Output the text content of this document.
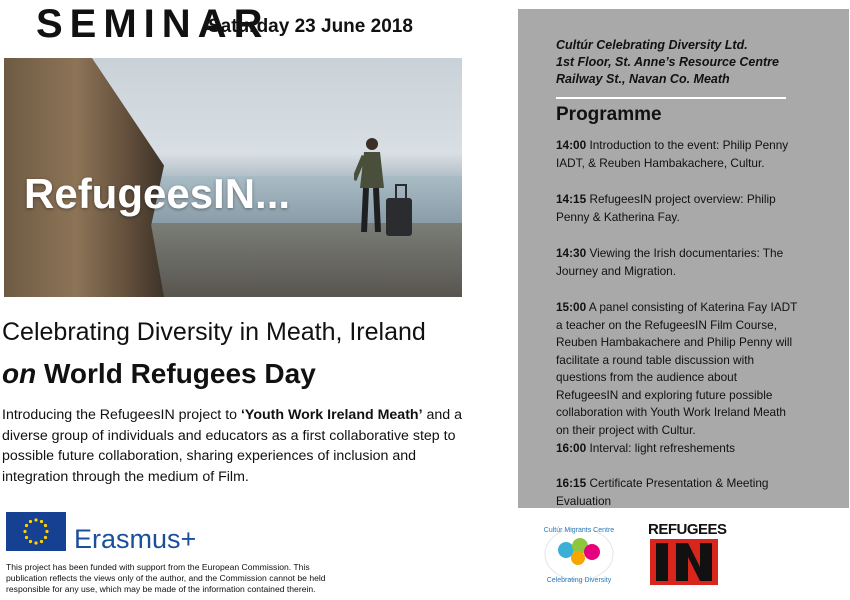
SEMINAR
Saturday 23 June 2018
RefugeesIN...
Celebrating Diversity in Meath, Ireland
on World Refugees Day
Introducing the RefugeesIN project to ‘Youth Work Ireland Meath’ and a diverse group of individuals and educators as a first collaborative step to possible future collaboration, sharing experiences of inclusion and integration through the medium of Film.
Erasmus+
This project has been funded with support from the European Commission. This publication reflects the views only of the author, and the Commission cannot be held responsible for any use, which may be made of the information contained therein.
Cultúr Celebrating Diversity Ltd.
1st Floor, St. Anne’s Resource Centre
Railway St., Navan Co. Meath
Programme
14:00 Introduction to the event: Philip Penny IADT, & Reuben Hambakachere, Cultur.
14:15 RefugeesIN project overview: Philip Penny & Katherina Fay.
14:30 Viewing the Irish documentaries: The Journey and Migration.
15:00 A panel consisting of Katerina Fay IADT a teacher on the RefugeesIN Film Course, Reuben Hambakachere and Philip Penny will facilitate a round table discussion with questions from the audience about RefugeesIN and exploring future possible collaboration with Youth Work Ireland Meath on their project with Cultur.
16:00 Interval: light refreshements
16:15 Certificate Presentation & Meeting Evaluation
Cultúr Migrants Centre
Celebrating Diversity
REFUGEES
